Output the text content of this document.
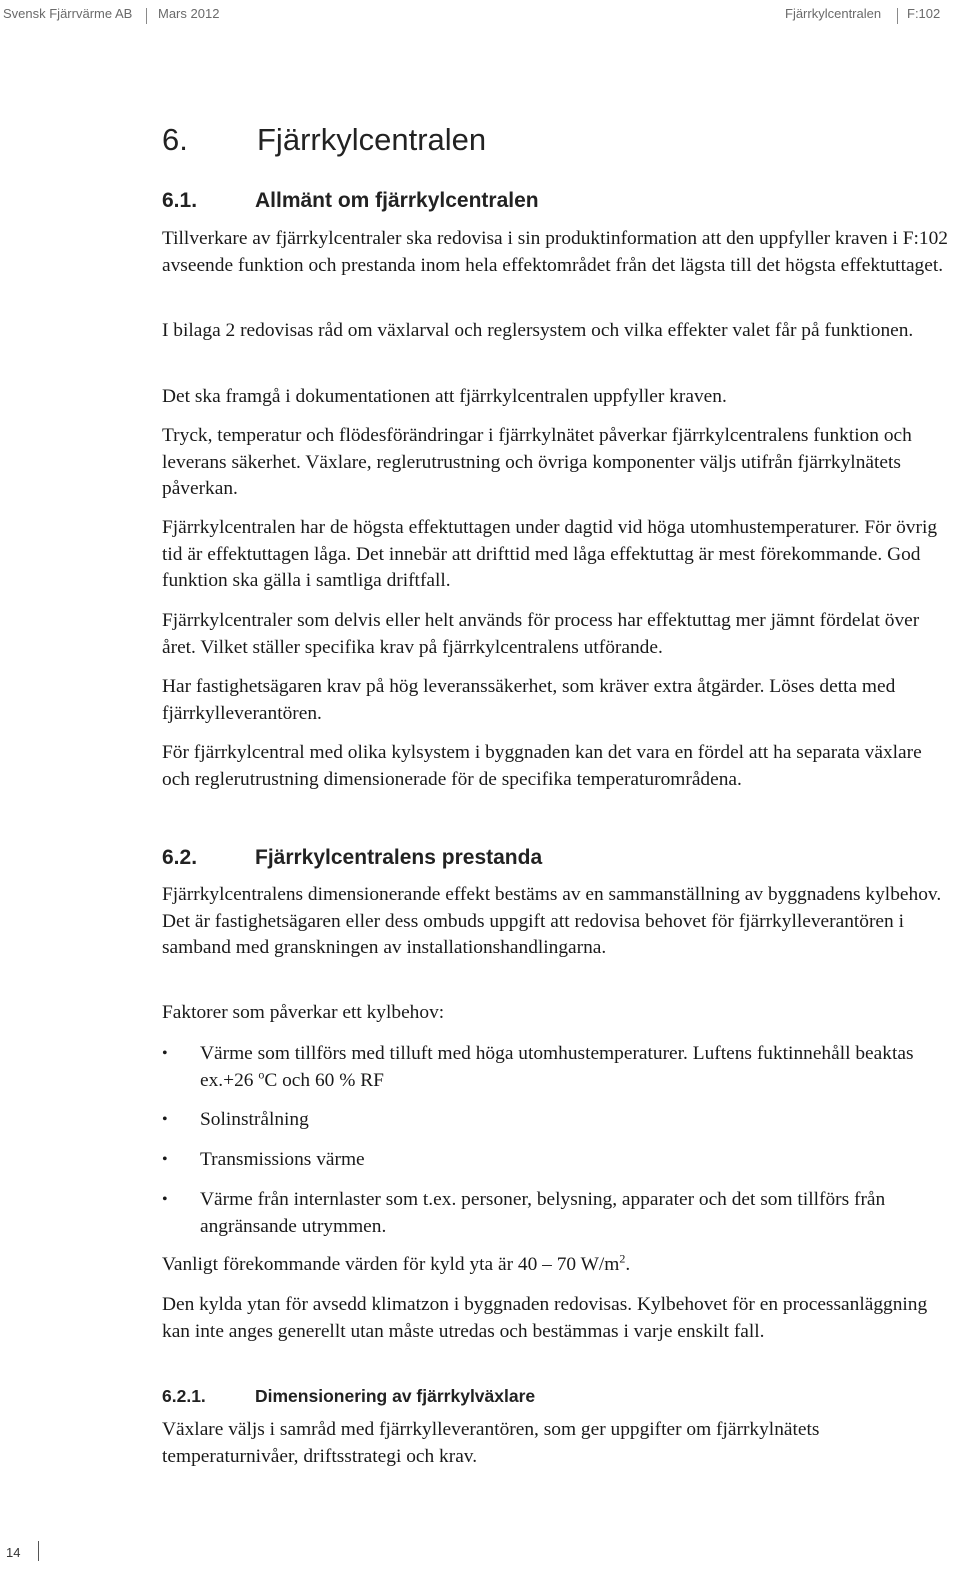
Svensk Fjärrvärme AB Mars 2012	Fjärrkylcentralen F:102
6. Fjärrkylcentralen
6.1.	Allmänt om fjärrkylcentralen

Tillverkare av fjärrkylcentraler ska redovisa i sin produktinformation att den uppfyller kraven i F:102 avseende funktion och prestanda inom hela effektområdet från det lägsta till det högsta effektuttaget.

I bilaga 2 redovisas råd om växlarval och reglersystem och vilka effekter valet får på funktionen.

Det ska framgå i dokumentationen att fjärrkylcentralen uppfyller kraven.

Tryck, temperatur och flödesförändringar i fjärrkylnätet påverkar fjärrkylcentralens funktion och leverans säkerhet. Växlare, reglerutrustning och övriga komponenter väljs utifrån fjärrkylnätets påverkan.

Fjärrkylcentralen har de högsta effektuttagen under dagtid vid höga utomhustemperaturer. För övrig tid är effektuttagen låga. Det innebär att drifttid med låga effektuttag är mest förekommande. God funktion ska gälla i samtliga driftfall.

Fjärrkylcentraler som delvis eller helt används för process har effektuttag mer jämnt fördelat över året. Vilket ställer specifika krav på fjärrkylcentralens utförande.

Har fastighetsägaren krav på hög leveranssäkerhet, som kräver extra åtgärder. Löses detta med fjärrkylleverantören.

För fjärrkylcentral med olika kylsystem i byggnaden kan det vara en fördel att ha separata växlare och reglerutrustning dimensionerade för de specifika temperaturområdena.

6.2.	Fjärrkylcentralens prestanda

Fjärrkylcentralens dimensionerande effekt bestäms av en sammanställning av byggnadens kylbehov. Det är fastighetsägaren eller dess ombuds uppgift att redovisa behovet för fjärrkylleverantören i samband med granskningen av installationshandlingarna.

Faktorer som påverkar ett kylbehov:

• Värme som tillförs med tilluft med höga utomhustemperaturer. Luftens fuktinnehåll beaktas ex.+26 $^o$C och 60 % RF
• Solinstrålning
• Transmissions värme
• Värme från internlaster som t.ex. personer, belysning, apparater och det som tillförs från angränsande utrymmen.

Vanligt förekommande värden för kyld yta är 40 – 70 $W/m^2$.

Den kylda ytan för avsedd klimatzon i byggnaden redovisas. Kylbehovet för en processanläggning kan inte anges generellt utan måste utredas och bestämmas i varje enskilt fall.

6.2.1.	Dimensionering av fjärrkylväxlare

Växlare väljs i samråd med fjärrkylleverantören, som ger uppgifter om fjärrkylnätets temperaturnivåer, driftsstrategi och krav.

14
